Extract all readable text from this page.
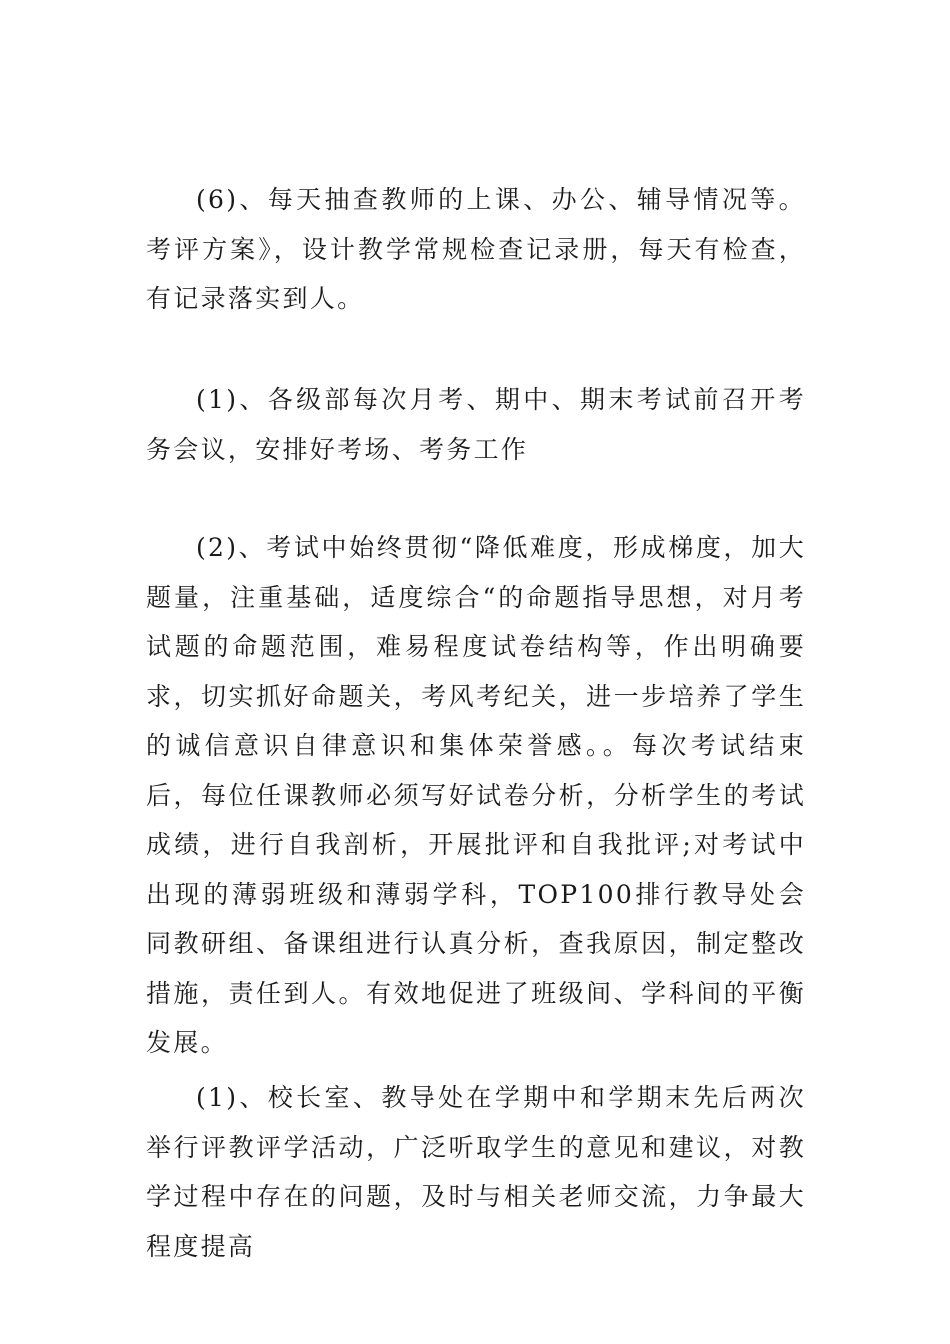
(6)、每天抽查教师的上课、办公、辅导情况等。考评方案》，设计教学常规检查记录册，每天有检查，有记录落实到人。

(1)、各级部每次月考、期中、期末考试前召开考务会议，安排好考场、考务工作

(2)、考试中始终贯彻“降低难度，形成梯度，加大题量，注重基础，适度综合“的命题指导思想，对月考试题的命题范围，难易程度试卷结构等，作出明确要求，切实抓好命题关，考风考纪关，进一步培养了学生的诚信意识自律意识和集体荣誉感。。每次考试结束后，每位任课教师必须写好试卷分析，分析学生的考试成绩，进行自我剖析，开展批评和自我批评;对考试中出现的薄弱班级和薄弱学科，TOP100排行教导处会同教研组、备课组进行认真分析，查我原因，制定整改措施，责任到人。有效地促进了班级间、学科间的平衡发展。

(1)、校长室、教导处在学期中和学期末先后两次举行评教评学活动，广泛听取学生的意见和建议，对教学过程中存在的问题，及时与相关老师交流，力争最大程度提高
